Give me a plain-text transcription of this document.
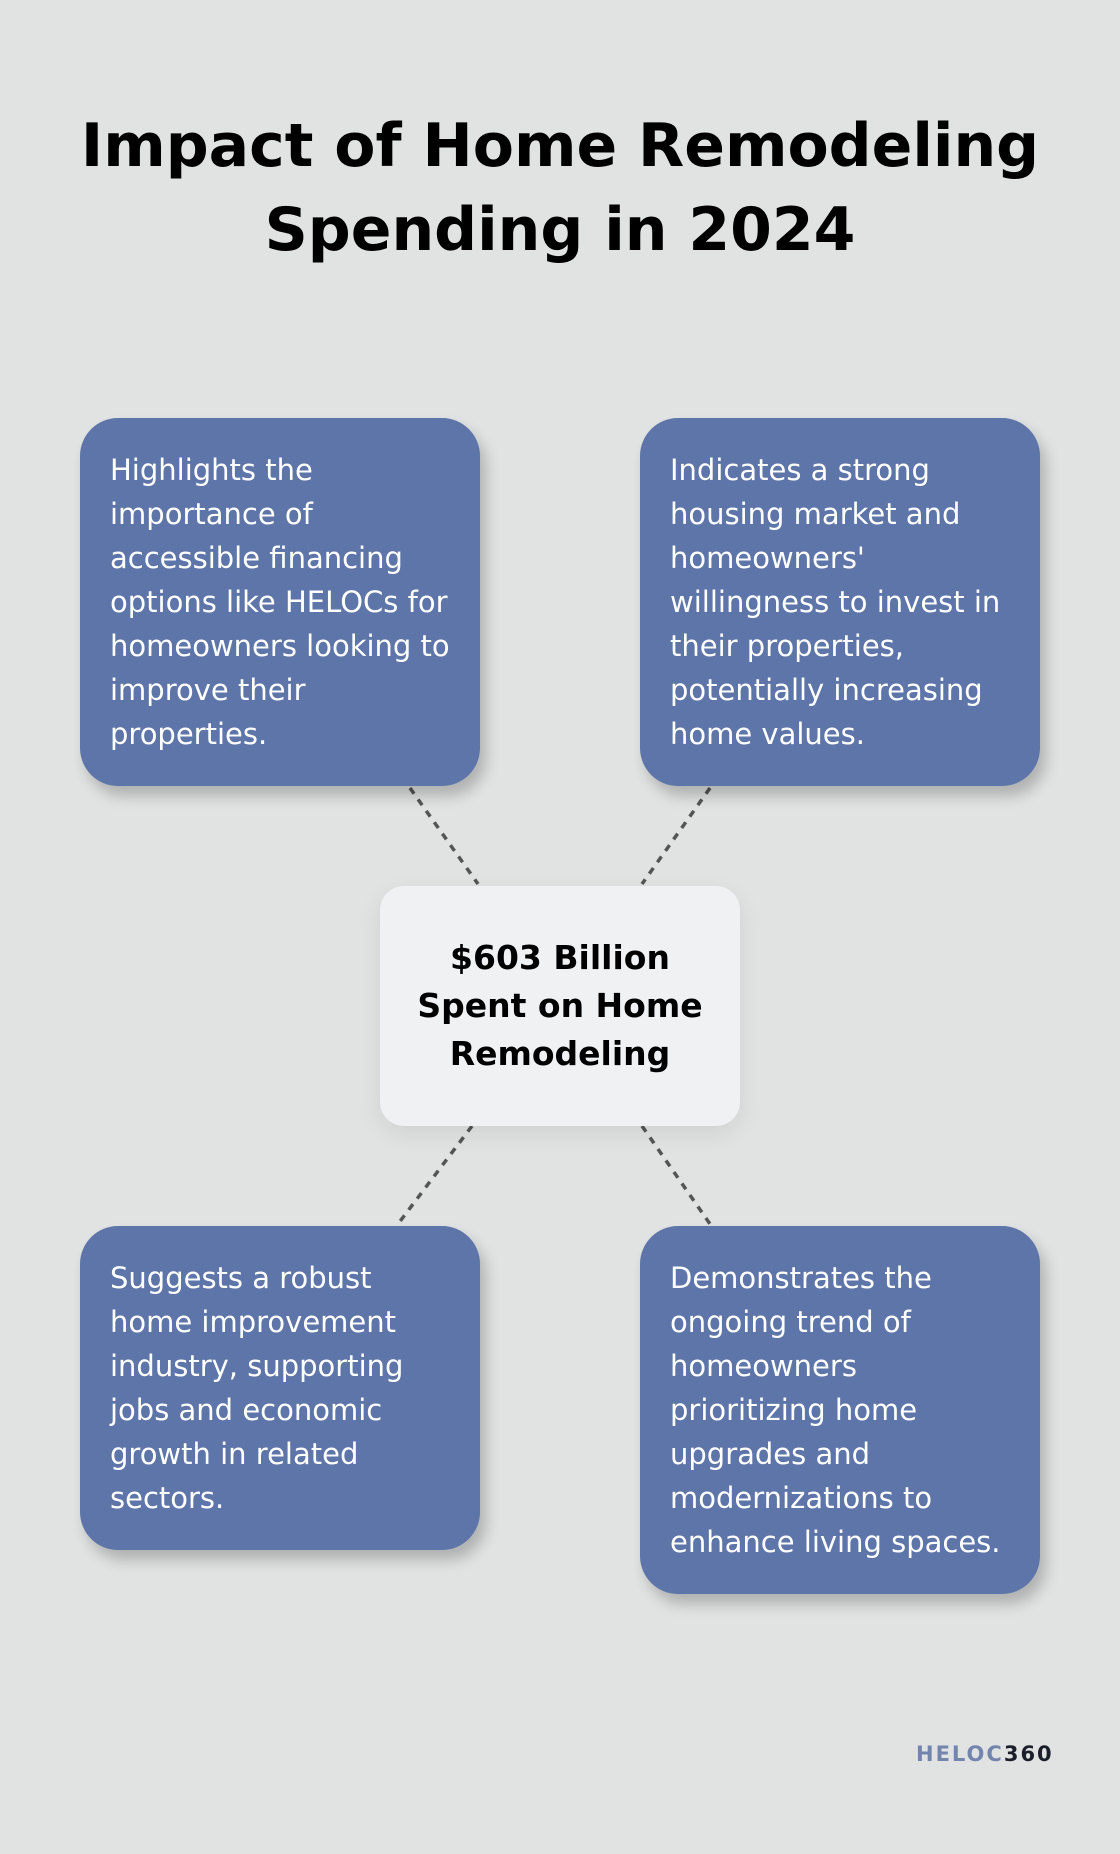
Impact of Home Remodeling Spending in 2024

Highlights the importance of accessible financing options like HELOCs for homeowners looking to improve their properties.

Indicates a strong housing market and homeowners' willingness to invest in their properties, potentially increasing home values.

$603 Billion Spent on Home Remodeling

Suggests a robust home improvement industry, supporting jobs and economic growth in related sectors.

Demonstrates the ongoing trend of homeowners prioritizing home upgrades and modernizations to enhance living spaces.

HELOC 360
